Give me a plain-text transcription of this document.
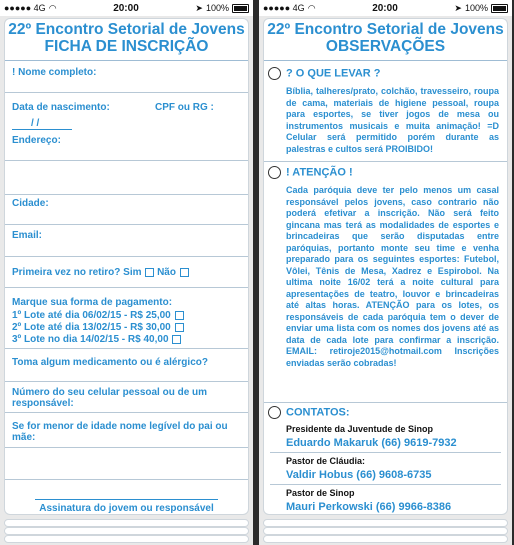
●●●●● 4G ◠	20:00	➤ 100%
22º Encontro Setorial de Jovens
FICHA DE INSCRIÇÃO
! Nome completo:
Data de nascimento:	CPF ou RG :
/ /
Endereço:
Cidade:
Email:
Primeira vez no retiro? Sim Não
Marque sua forma de pagamento:
1º Lote até dia 06/02/15 - R$ 25,00
2º Lote até dia 13/02/15 - R$ 30,00
3º Lote no dia 14/02/15 - R$ 40,00
Toma algum medicamento ou é alérgico?
Número do seu celular pessoal ou de um responsável:
Se for menor de idade nome legível do pai ou mãe:
Assinatura do jovem ou responsável
●●●●● 4G ◠	20:00	➤ 100%
22º Encontro Setorial de Jovens
OBSERVAÇÕES
? O QUE LEVAR ?
Bíblia, talheres/prato, colchão, travesseiro, roupa de cama, materiais de higiene pessoal, roupa para esportes, se tiver jogos de mesa ou instrumentos musicais e muita animação! =D Celular será permitido porém durante as palestras e cultos será PROIBIDO!
! ATENÇÃO !
Cada paróquia deve ter pelo menos um casal responsável pelos jovens, caso contrario não poderá efetivar a inscrição. Não será feito gincana mas terá as modalidades de esportes e brincadeiras que serão disputadas entre paróquias, portanto monte seu time e venha preparado para os seguintes esportes: Futebol, Vôlei, Tênis de Mesa, Xadrez e Espirobol. Na ultima noite 16/02 terá a noite cultural para apresentações de teatro, louvor e brincadeiras até altas horas. ATENÇÃO para os lotes, os responsáveis de cada paróquia tem o dever de enviar uma lista com os nomes dos jovens até as data de cada lote para confirmar a inscrição. EMAIL: retiroje2015@hotmail.com Inscrições enviadas serão cobradas!
CONTATOS:
Presidente da Juventude de Sinop
Eduardo Makaruk (66) 9619-7932
Pastor de Cláudia:
Valdir Hobus (66) 9608-6735
Pastor de Sinop
Mauri Perkowski (66) 9966-8386
